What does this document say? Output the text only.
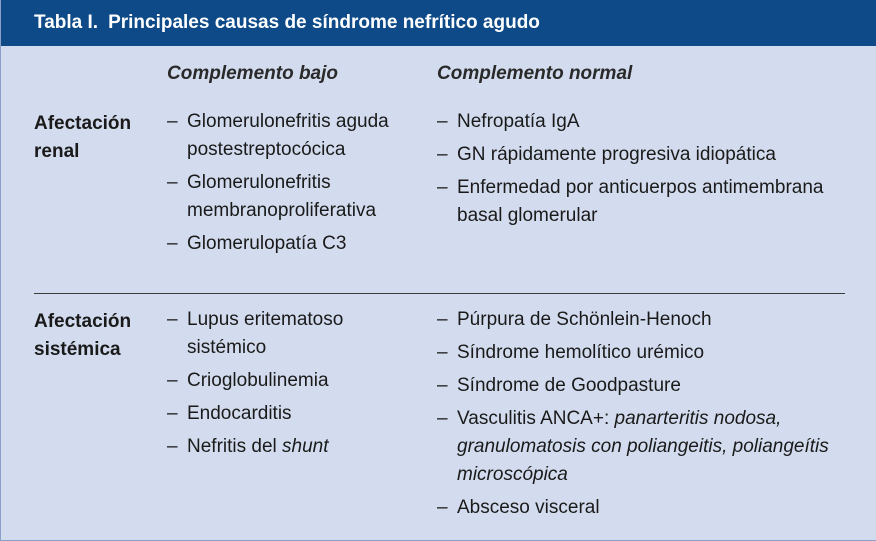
Tabla I. Principales causas de síndrome nefrítico agudo
Complemento bajo	Complemento normal
Afectación
renal
– Glomerulonefritis aguda postestreptocócica
– Glomerulonefritis membranoproliferativa
– Glomerulopatía C3
– Nefropatía IgA
– GN rápidamente progresiva idiopática
– Enfermedad por anticuerpos antimembrana basal glomerular
Afectación
sistémica
– Lupus eritematoso sistémico
– Crioglobulinemia
– Endocarditis
– Nefritis del shunt
– Púrpura de Schönlein-Henoch
– Síndrome hemolítico urémico
– Síndrome de Goodpasture
– Vasculitis ANCA+: panarteritis nodosa, granulomatosis con poliangeitis, poliangeítis microscópica
– Absceso visceral
